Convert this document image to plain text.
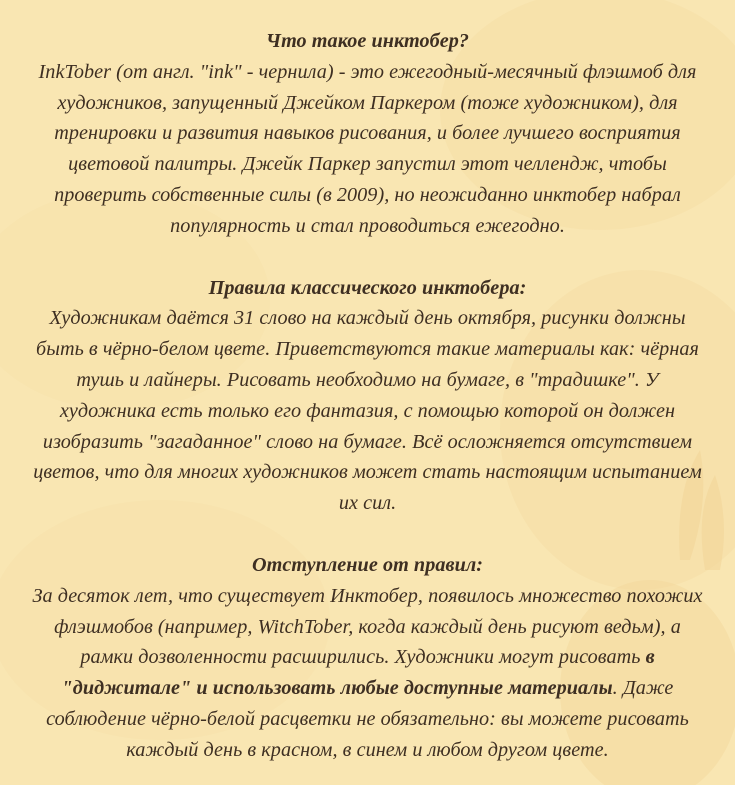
Что такое инктобер?
InkTober (от англ. "ink" - чернила) - это ежегодный-месячный флэшмоб для
художников, запущенный Джейком Паркером (тоже художником), для
тренировки и развития навыков рисования, и более лучшего восприятия
цветовой палитры. Джейк Паркер запустил этот челлендж, чтобы
проверить собственные силы (в 2009), но неожиданно инктобер набрал
популярность и стал проводиться ежегодно.
Правила классического инктобера:
Художникам даётся 31 слово на каждый день октября, рисунки должны
быть в чёрно-белом цвете. Приветствуются такие материалы как: чёрная
тушь и лайнеры. Рисовать необходимо на бумаге, в "традишке". У
художника есть только его фантазия, с помощью которой он должен
изобразить "загаданное" слово на бумаге. Всё осложняется отсутствием
цветов, что для многих художников может стать настоящим испытанием
их сил.
Отступление от правил:
За десяток лет, что существует Инктобер, появилось множество похожих
флэшмобов (например, WitchTober, когда каждый день рисуют ведьм), а
рамки дозволенности расширились. Художники могут рисовать в
"диджитале" и использовать любые доступные материалы. Даже
соблюдение чёрно-белой расцветки не обязательно: вы можете рисовать
каждый день в красном, в синем и любом другом цвете.
